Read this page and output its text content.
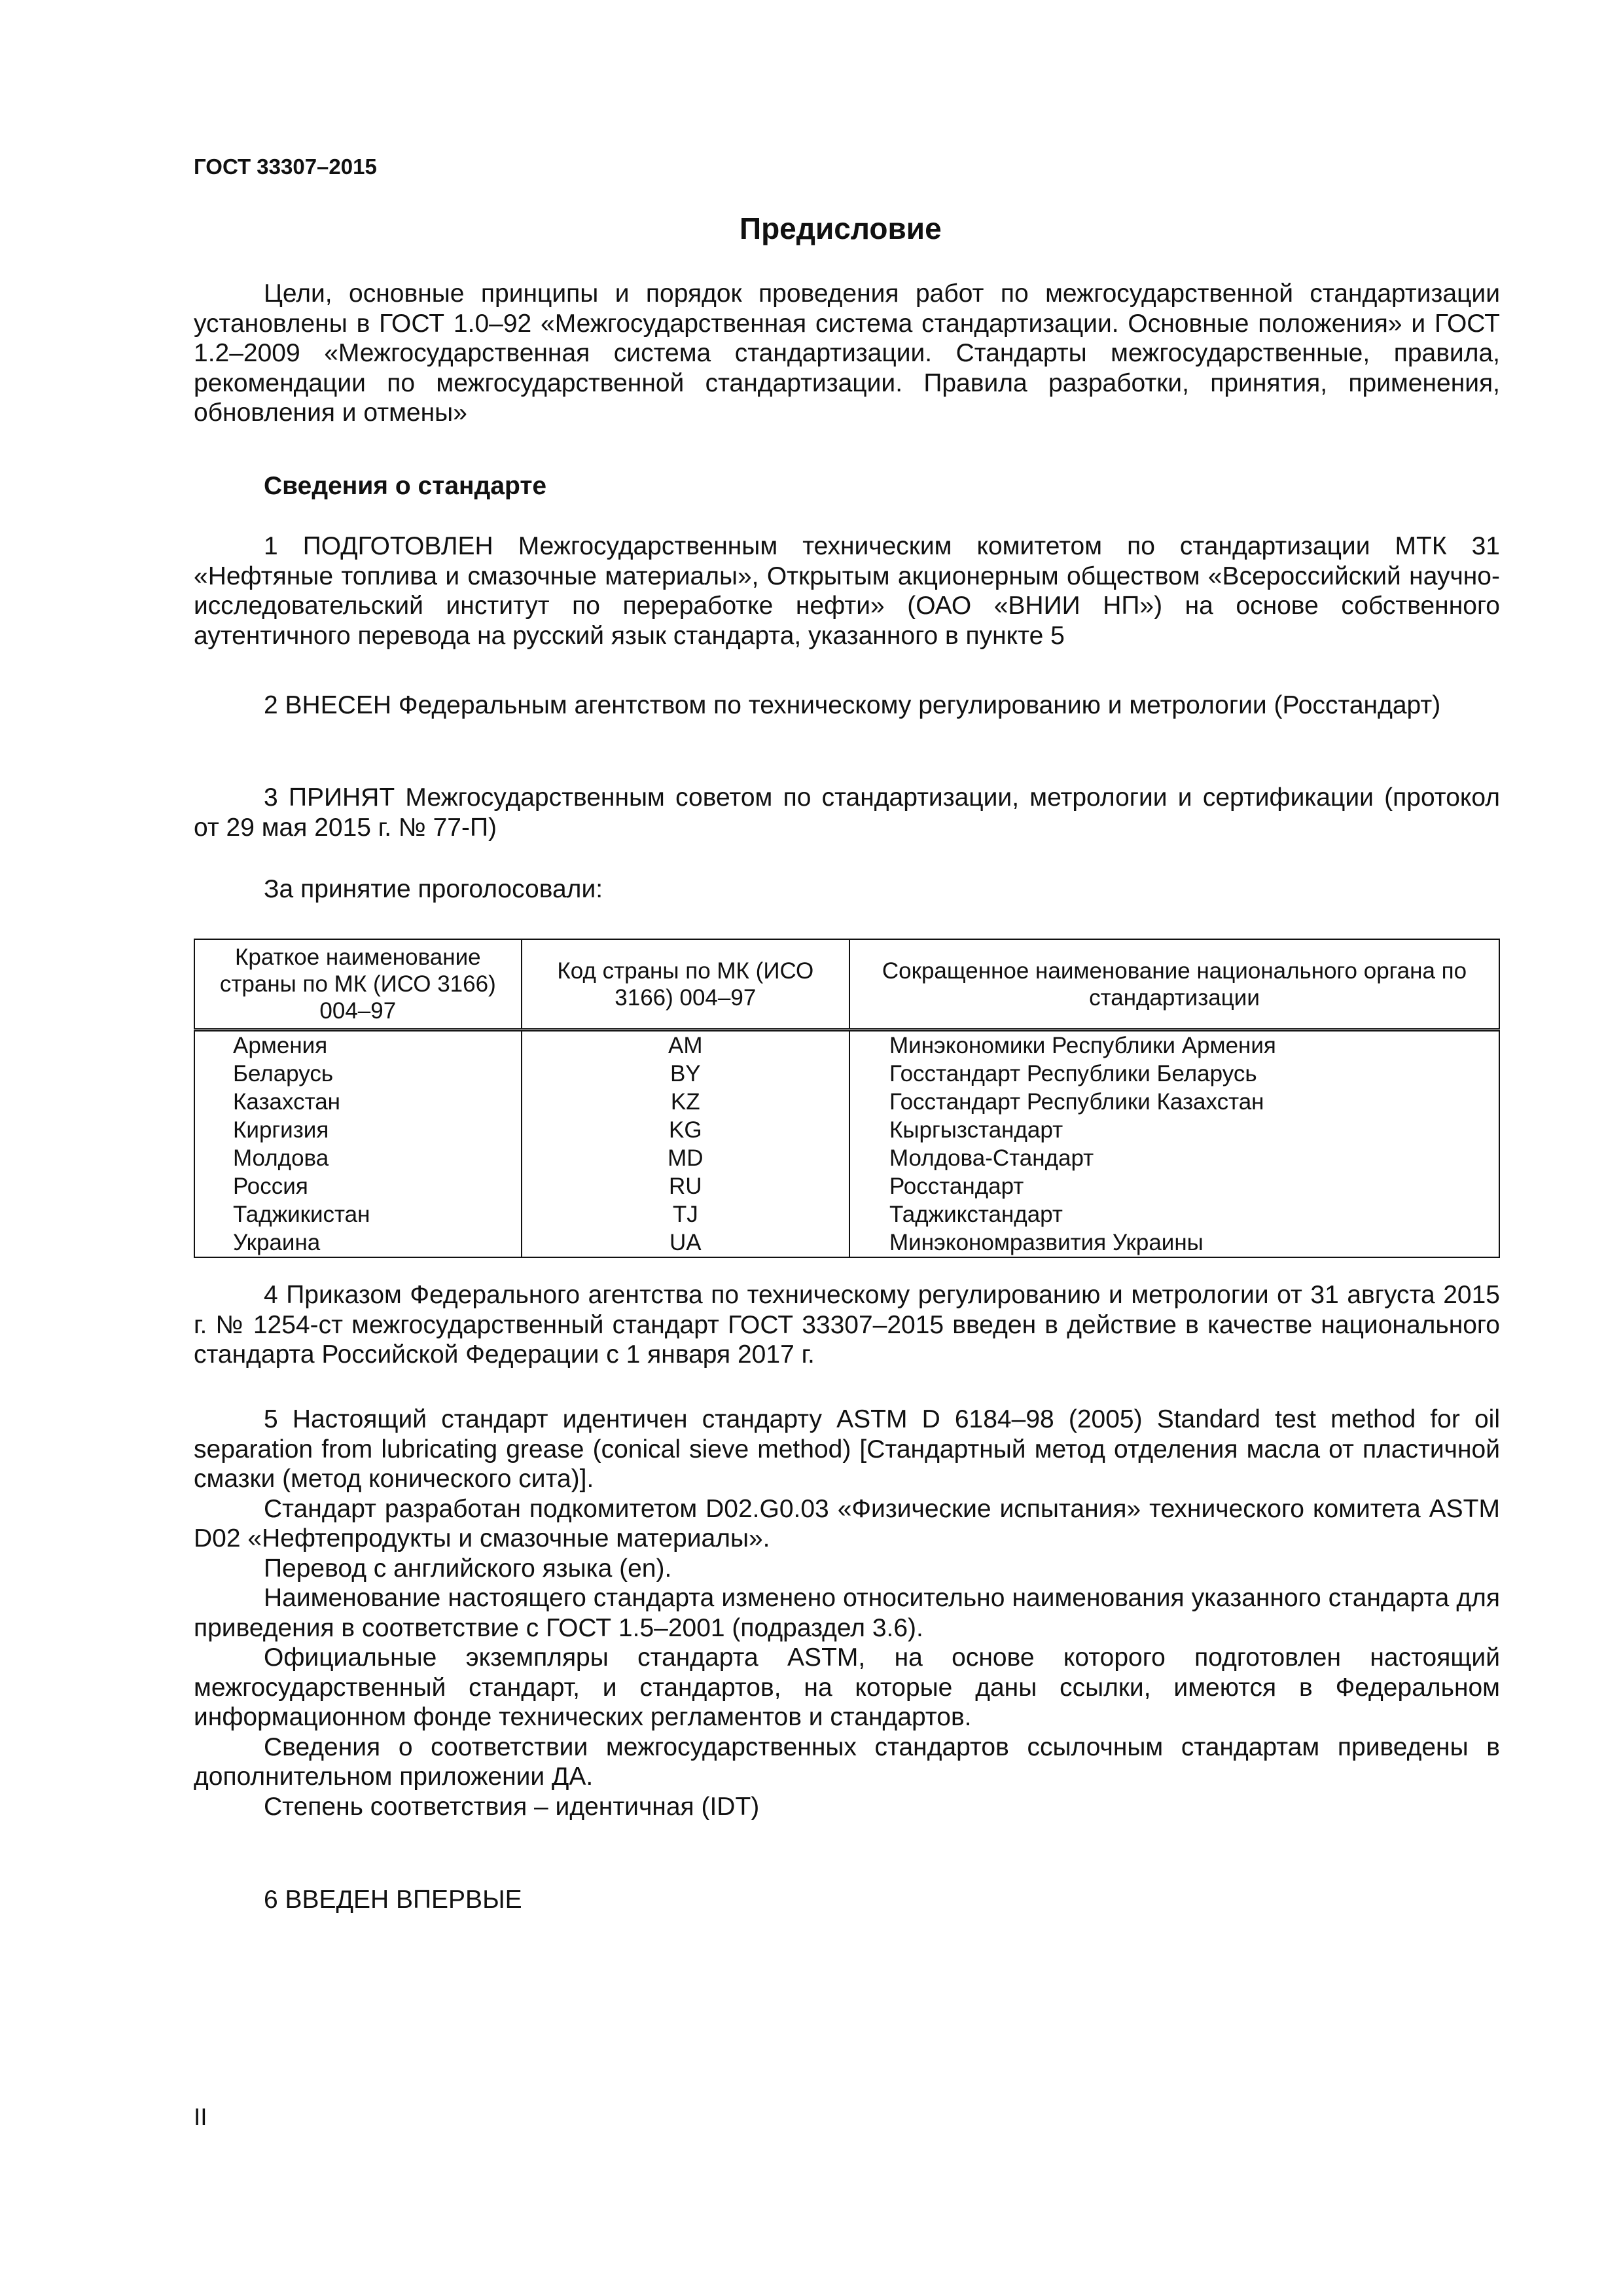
ГОСТ 33307–2015
Предисловие

Цели, основные принципы и порядок проведения работ по межгосударственной стандартизации установлены в ГОСТ 1.0–92 «Межгосударственная система стандартизации. Основные положения» и ГОСТ 1.2–2009 «Межгосударственная система стандартизации. Стандарты межгосударственные, правила, рекомендации по межгосударственной стандартизации. Правила разработки, принятия, применения, обновления и отмены»

Сведения о стандарте

1 ПОДГОТОВЛЕН Межгосударственным техническим комитетом по стандартизации МТК 31 «Нефтяные топлива и смазочные материалы», Открытым акционерным обществом «Всероссийский научно-исследовательский институт по переработке нефти» (ОАО «ВНИИ НП») на основе собственного аутентичного перевода на русский язык стандарта, указанного в пункте 5

2 ВНЕСЕН Федеральным агентством по техническому регулированию и метрологии (Росстандарт)

3 ПРИНЯТ Межгосударственным советом по стандартизации, метрологии и сертификации (протокол от 29 мая 2015 г. № 77-П)

За принятие проголосовали:

Краткое наименование страны по МК (ИСО 3166) 004–97	Код страны по МК (ИСО 3166) 004–97	Сокращенное наименование национального органа по стандартизации
Армения	AM	Минэкономики Республики Армения
Беларусь	BY	Госстандарт Республики Беларусь
Казахстан	KZ	Госстандарт Республики Казахстан
Киргизия	KG	Кыргызстандарт
Молдова	MD	Молдова-Стандарт
Россия	RU	Росстандарт
Таджикистан	TJ	Таджикстандарт
Украина	UA	Минэкономразвития Украины

4 Приказом Федерального агентства по техническому регулированию и метрологии от 31 августа 2015 г. № 1254-ст межгосударственный стандарт ГОСТ 33307–2015 введен в действие в качестве национального стандарта Российской Федерации с 1 января 2017 г.

5 Настоящий стандарт идентичен стандарту ASTM D 6184–98 (2005) Standard test method for oil separation from lubricating grease (conical sieve method) [Стандартный метод отделения масла от пластичной смазки (метод конического сита)].

Стандарт разработан подкомитетом D02.G0.03 «Физические испытания» технического комитета ASTM D02 «Нефтепродукты и смазочные материалы».

Перевод с английского языка (en).

Наименование настоящего стандарта изменено относительно наименования указанного стандарта для приведения в соответствие с ГОСТ 1.5–2001 (подраздел 3.6).

Официальные экземпляры стандарта ASTM, на основе которого подготовлен настоящий межгосударственный стандарт, и стандартов, на которые даны ссылки, имеются в Федеральном информационном фонде технических регламентов и стандартов.

Сведения о соответствии межгосударственных стандартов ссылочным стандартам приведены в дополнительном приложении ДА.

Степень соответствия – идентичная (IDT)

6 ВВЕДЕН ВПЕРВЫЕ

II
